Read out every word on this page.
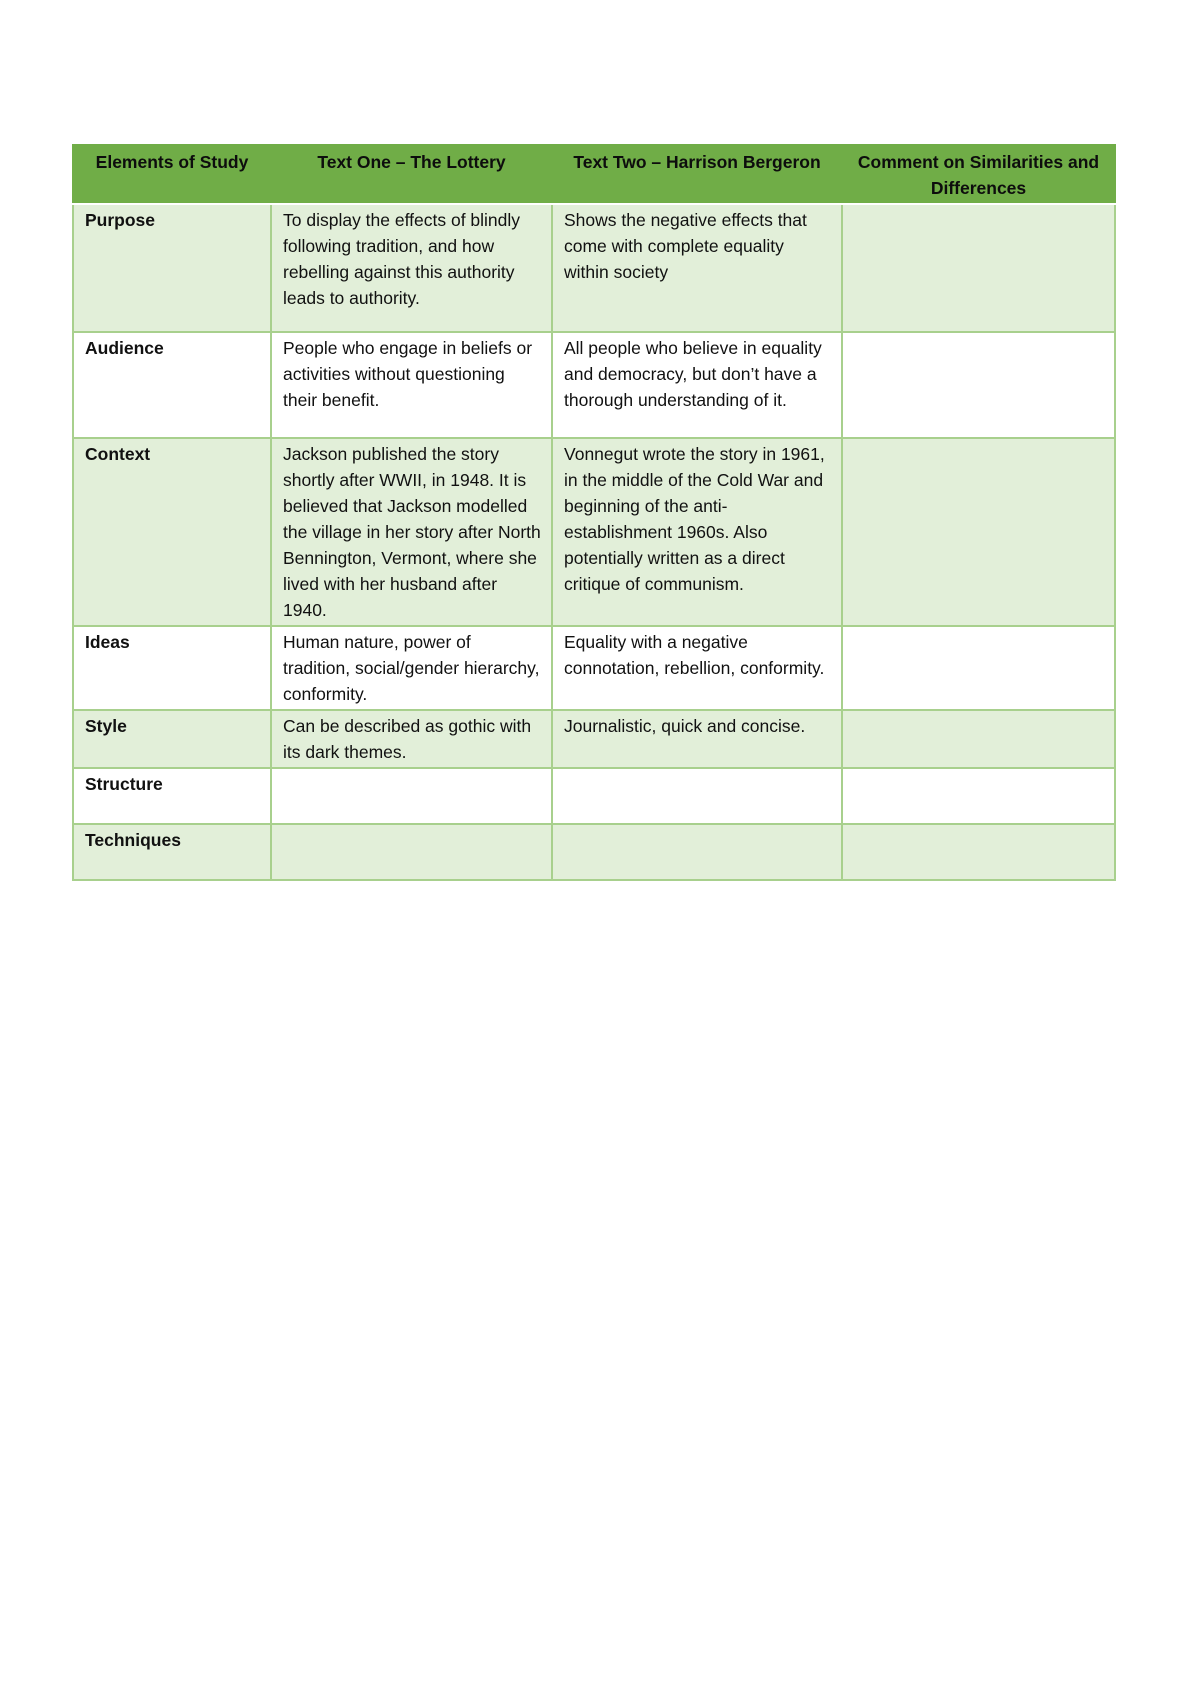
Elements of Study	Text One – The Lottery	Text Two – Harrison Bergeron	Comment on Similarities and Differences
Purpose	To display the effects of blindly following tradition, and how rebelling against this authority leads to authority.	Shows the negative effects that come with complete equality within society	
Audience	People who engage in beliefs or activities without questioning their benefit.	All people who believe in equality and democracy, but don’t have a thorough understanding of it.	
Context	Jackson published the story shortly after WWII, in 1948. It is believed that Jackson modelled the village in her story after North Bennington, Vermont, where she lived with her husband after 1940.	Vonnegut wrote the story in 1961, in the middle of the Cold War and beginning of the anti-establishment 1960s. Also potentially written as a direct critique of communism.	
Ideas	Human nature, power of tradition, social/gender hierarchy, conformity.	Equality with a negative connotation, rebellion, conformity.	
Style	Can be described as gothic with its dark themes.	Journalistic, quick and concise.	
Structure			
Techniques			
